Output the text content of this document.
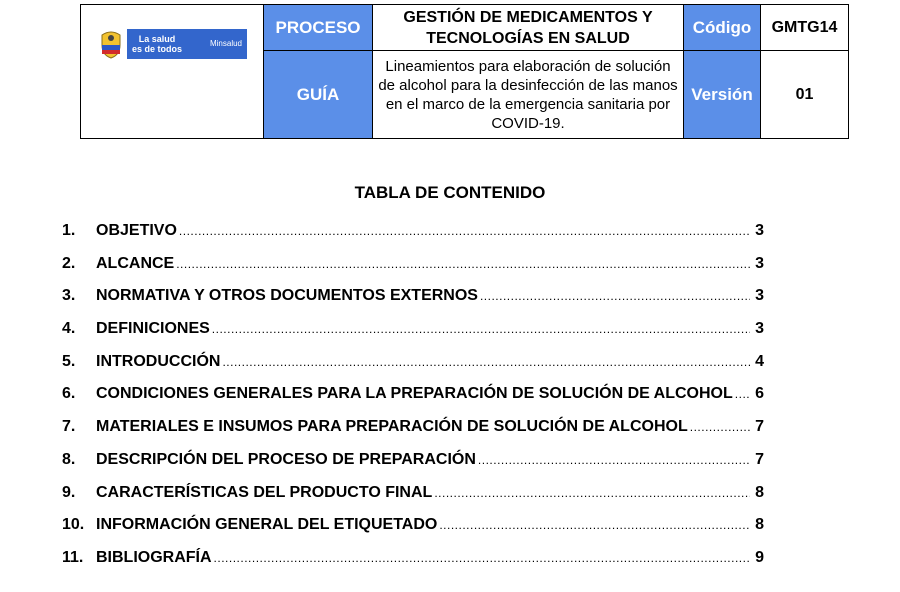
La salud
es de todos
Minsalud	PROCESO	GESTIÓN DE MEDICAMENTOS Y TECNOLOGÍAS EN SALUD	Código	GMTG14
	GUÍA	Lineamientos para elaboración de solución de alcohol para la desinfección de las manos en el marco de la emergencia sanitaria por COVID-19.	Versión	01
TABLA DE CONTENIDO
1.	OBJETIVO .....	3
2.	ALCANCE .....	3
3.	NORMATIVA Y OTROS DOCUMENTOS EXTERNOS .....	3
4.	DEFINICIONES .....	3
5.	INTRODUCCIÓN .....	4
6.	CONDICIONES GENERALES PARA LA PREPARACIÓN DE SOLUCIÓN DE ALCOHOL ..... 6
7.	MATERIALES E INSUMOS PARA PREPARACIÓN DE SOLUCIÓN DE ALCOHOL .....	7
8.	DESCRIPCIÓN DEL PROCESO DE PREPARACIÓN .....	7
9.	CARACTERÍSTICAS DEL PRODUCTO FINAL .....	8
10. INFORMACIÓN GENERAL DEL ETIQUETADO .....	8
11. BIBLIOGRAFÍA .....	9
